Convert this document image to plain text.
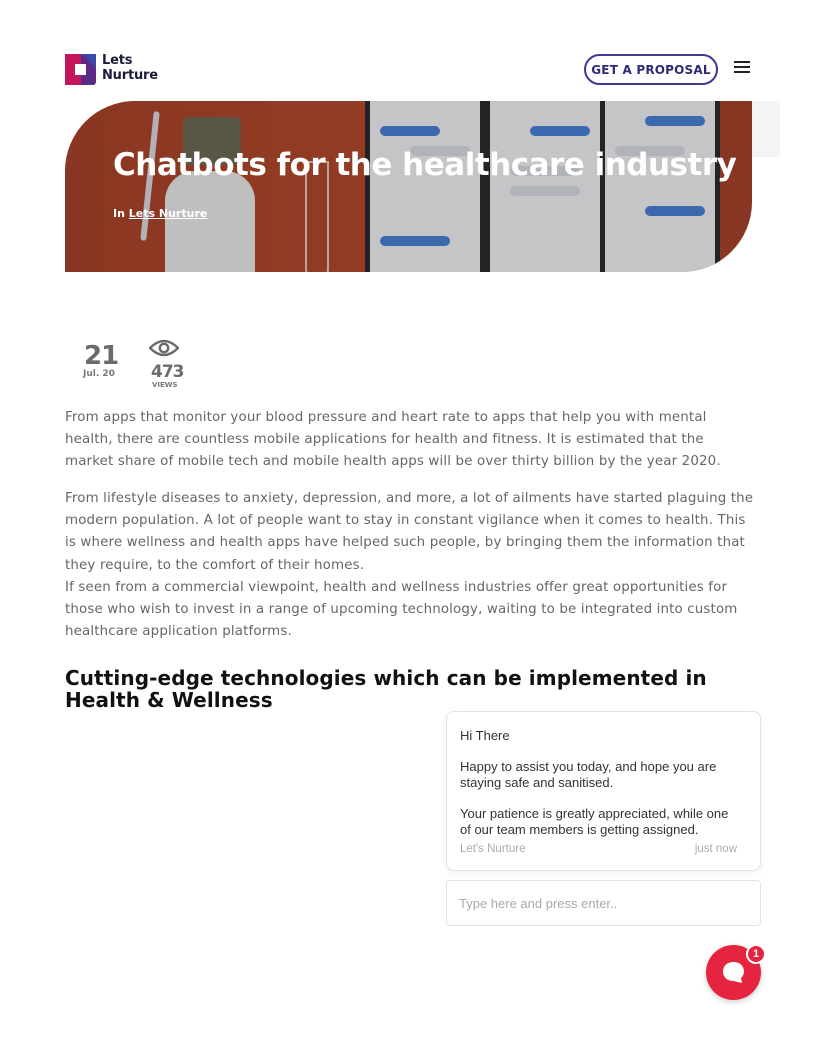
Lets
Nurture	GET A PROPOSAL
Chatbots for the healthcare industry
In Lets Nurture
21
Jul. 20 473
VIEWS

From apps that monitor your blood pressure and heart rate to apps that help you with mental health, there are countless mobile applications for health and fitness. It is estimated that the market share of mobile tech and mobile health apps will be over thirty billion by the year 2020.

From lifestyle diseases to anxiety, depression, and more, a lot of ailments have started plaguing the modern population. A lot of people want to stay in constant vigilance when it comes to health. This is where wellness and health apps have helped such people, by bringing them the information that they require, to the comfort of their homes.

If seen from a commercial viewpoint, health and wellness industries offer great opportunities for those who wish to invest in a range of upcoming technology, waiting to be integrated into custom healthcare application platforms.

Cutting-edge technologies which can be implemented in Health & Wellness
Hi There
Happy to assist you today, and hope you are staying safe and sanitised.
Your patience is greatly appreciated, while one of our team members is getting assigned.
Let's Nurture	just now
Type here and press enter..
1
